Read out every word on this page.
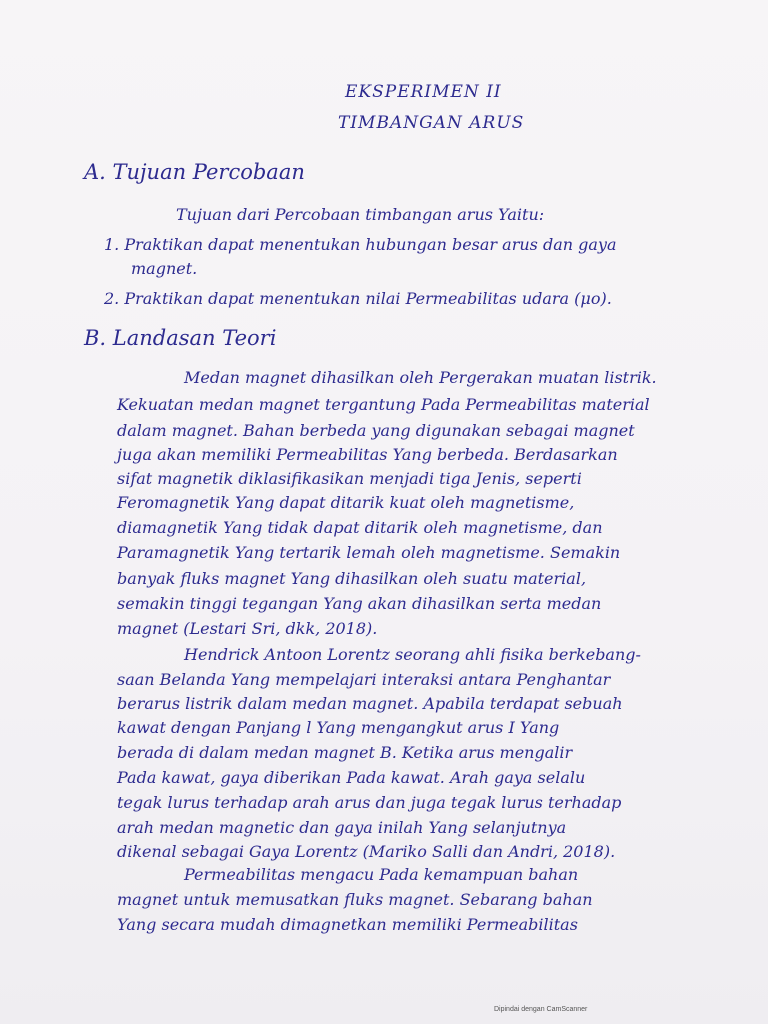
EKSPERIMEN II
TIMBANGAN ARUS
A. Tujuan Percobaan
Tujuan dari Percobaan timbangan arus Yaitu:
1. Praktikan dapat menentukan hubungan besar arus dan gaya
magnet.
2. Praktikan dapat menentukan nilai Permeabilitas udara (μo).
B. Landasan Teori
Medan magnet dihasilkan oleh Pergerakan muatan listrik.
Kekuatan medan magnet tergantung Pada Permeabilitas material
dalam magnet. Bahan berbeda yang digunakan sebagai magnet
juga akan memiliki Permeabilitas Yang berbeda. Berdasarkan
sifat magnetik diklasifikasikan menjadi tiga Jenis, seperti
Feromagnetik Yang dapat ditarik kuat oleh magnetisme,
diamagnetik Yang tidak dapat ditarik oleh magnetisme, dan
Paramagnetik Yang tertarik lemah oleh magnetisme. Semakin
banyak fluks magnet Yang dihasilkan oleh suatu material,
semakin tinggi tegangan Yang akan dihasilkan serta medan
magnet (Lestari Sri, dkk, 2018).
Hendrick Antoon Lorentz seorang ahli fisika berkebang-
saan Belanda Yang mempelajari interaksi antara Penghantar
berarus listrik dalam medan magnet. Apabila terdapat sebuah
kawat dengan Panjang l Yang mengangkut arus I Yang
berada di dalam medan magnet B. Ketika arus mengalir
Pada kawat, gaya diberikan Pada kawat. Arah gaya selalu
tegak lurus terhadap arah arus dan juga tegak lurus terhadap
arah medan magnetic dan gaya inilah Yang selanjutnya
dikenal sebagai Gaya Lorentz (Mariko Salli dan Andri, 2018).
Permeabilitas mengacu Pada kemampuan bahan
magnet untuk memusatkan fluks magnet. Sebarang bahan
Yang secara mudah dimagnetkan memiliki Permeabilitas
Dipindai dengan CamScanner
